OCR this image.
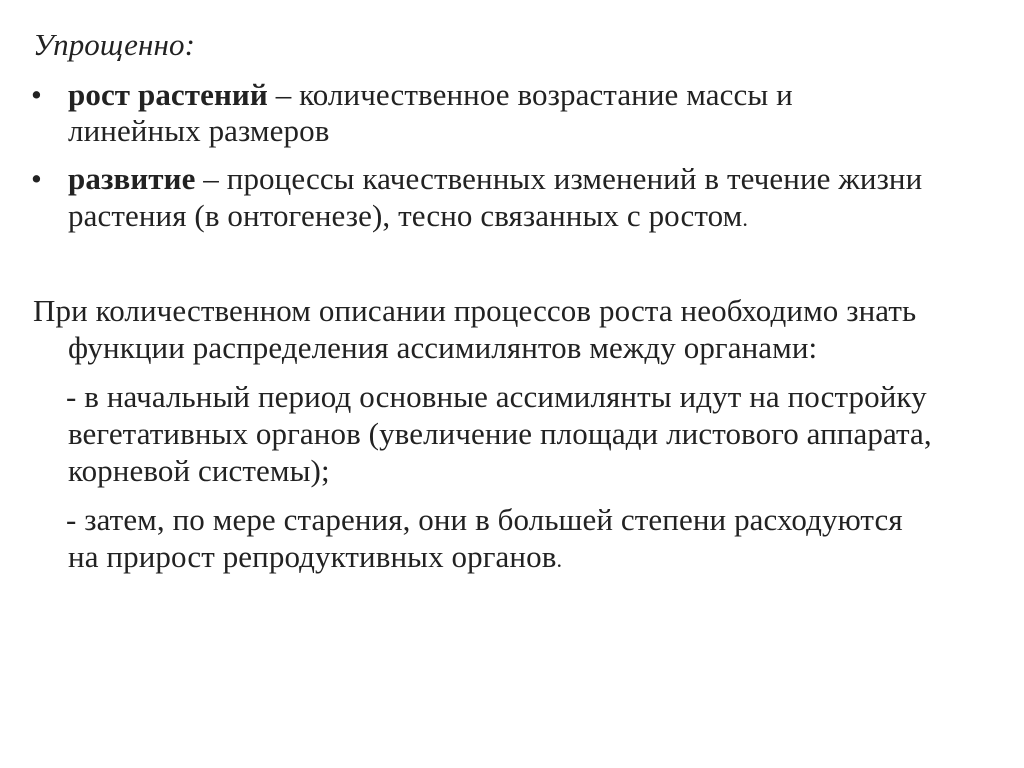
Упрощенно:
• рост растений – количественное возрастание массы и
линейных размеров
• развитие – процессы качественных изменений в течение жизни
растения (в онтогенезе), тесно связанных с ростом.
При количественном описании процессов роста необходимо знать
функции распределения ассимилянтов между органами:
- в начальный период основные ассимилянты идут на постройку
вегетативных органов (увеличение площади листового аппарата,
корневой системы);
- затем, по мере старения, они в большей степени расходуются
на прирост репродуктивных органов.
